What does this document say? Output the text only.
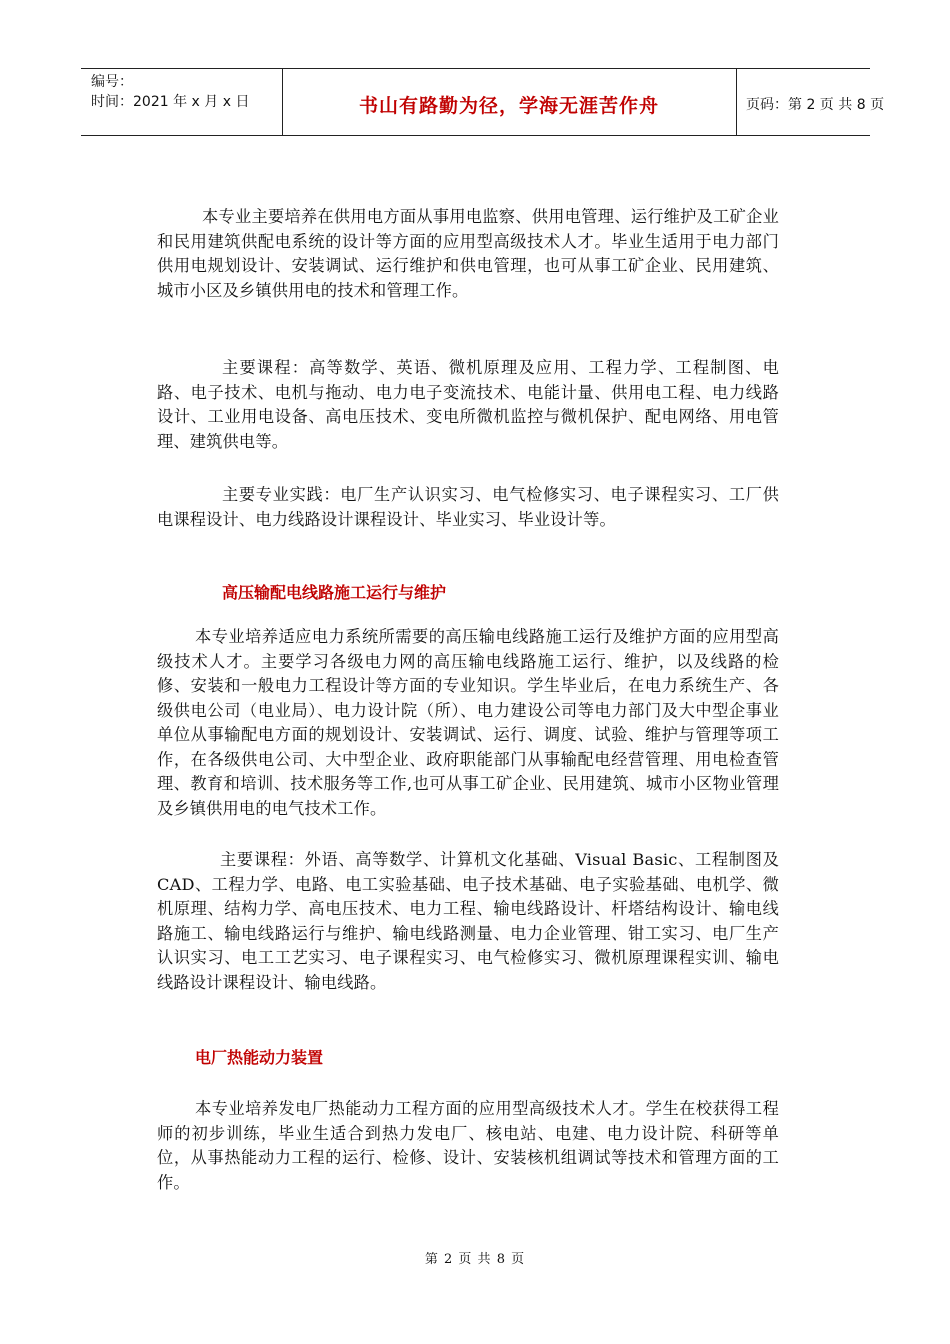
编号：
时间：2021 年 x 月 x 日	书山有路勤为径，学海无涯苦作舟	页码：第 2 页 共 8 页

本专业主要培养在供用电方面从事用电监察、供用电管理、运行维护及工矿企业和民用建筑供配电系统的设计等方面的应用型高级技术人才。毕业生适用于电力部门供用电规划设计、安装调试、运行维护和供电管理，也可从事工矿企业、民用建筑、城市小区及乡镇供用电的技术和管理工作。

主要课程：高等数学、英语、微机原理及应用、工程力学、工程制图、电路、电子技术、电机与拖动、电力电子变流技术、电能计量、供用电工程、电力线路设计、工业用电设备、高电压技术、变电所微机监控与微机保护、配电网络、用电管理、建筑供电等。

主要专业实践：电厂生产认识实习、电气检修实习、电子课程实习、工厂供电课程设计、电力线路设计课程设计、毕业实习、毕业设计等。

高压输配电线路施工运行与维护

本专业培养适应电力系统所需要的高压输电线路施工运行及维护方面的应用型高级技术人才。主要学习各级电力网的高压输电线路施工运行、维护，以及线路的检修、安装和一般电力工程设计等方面的专业知识。学生毕业后，在电力系统生产、各级供电公司（电业局）、电力设计院（所）、电力建设公司等电力部门及大中型企事业单位从事输配电方面的规划设计、安装调试、运行、调度、试验、维护与管理等项工作，在各级供电公司、大中型企业、政府职能部门从事输配电经营管理、用电检查管理、教育和培训、技术服务等工作,也可从事工矿企业、民用建筑、城市小区物业管理及乡镇供用电的电气技术工作。

主要课程：外语、高等数学、计算机文化基础、Visual Basic、工程制图及CAD、工程力学、电路、电工实验基础、电子技术基础、电子实验基础、电机学、微机原理、结构力学、高电压技术、电力工程、输电线路设计、杆塔结构设计、输电线路施工、输电线路运行与维护、输电线路测量、电力企业管理、钳工实习、电厂生产认识实习、电工工艺实习、电子课程实习、电气检修实习、微机原理课程实训、输电线路设计课程设计、输电线路。

电厂热能动力装置

本专业培养发电厂热能动力工程方面的应用型高级技术人才。学生在校获得工程师的初步训练，毕业生适合到热力发电厂、核电站、电建、电力设计院、科研等单位，从事热能动力工程的运行、检修、设计、安装核机组调试等技术和管理方面的工作。

第 2 页 共 8 页
